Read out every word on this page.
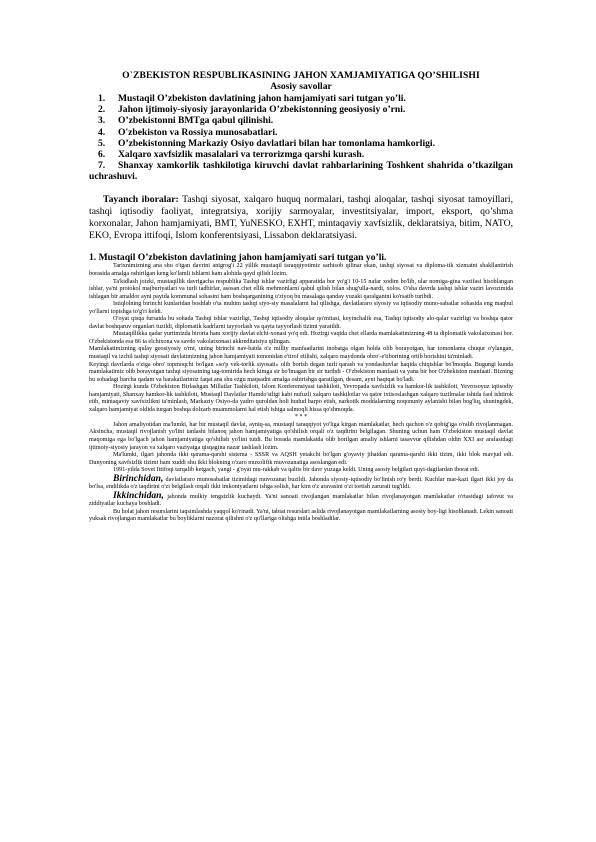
O`ZBEKISTON RESPUBLIKASINING JAHON XAMJAMIYATIGA QO’SHILISHI
Asosiy savollar
1. Mustaqil O’zbekiston davlatining jahon hamjamiyati sari tutgan yo’li.
2. Jahon ijtimoiy-siyosiy jarayonlarida O’zbekistonning geosiyosiy o’rni.
3. O’zbekistonni BMTga qabul qilinishi.
4. O'zbekiston va Rossiya munosabatlari.
5. O’zbekistonning Markaziy Osiyo davlatlari bilan har tomonlama hamkorligi.
6. Xalqaro xavfsizlik masalalari va terrorizmga qarshi kurash.
7. Shanxay xamkorlik tashkilotiga kiruvchi davlat rahbarlarining Toshkent shahrida o’tkazilgan uchrashuvi.

Tayanch iboralar: Tashqi siyosat, xalqaro huquq normalari, tashqi aloqalar, tashqi siyosat tamoyillari, tashqi iqtisodiy faoliyat, integratsiya, xorijiy sarmoyalar, investitsiyalar, import, eksport, qo’shma korxonalar, Jahon hamjamiyati, BMT, YuNESKO, EXHT, mintaqaviy xavfsizlik, deklaratsiya, bitim, NATO, EKO, Evropa ittifoqi, Islom konferentsiyasi, Lissabon deklaratsiyasi.

1. Mustaqil O’zbekiston davlatining jahon hamjamiyati sari tutgan yo’li.

Tarixnimizning ana shu o'tgan davrini anigrog'i 22 yillik mustaqil taraqqiyotimiz sarhisob qilinar ekan, tashqi siyosat va diploma-tik xizmatni shakllantirish borasida amalga oshirilgan keng ko'lamli ishlarni ham alohida qayd qilish lozim.

Ta'kidlash joizki, mustaqillik davrigacha respublika Tashqi ishlar vazirligi apparatida bor yo'g'i 10-15 nafar xodim bo'lib, ular nomiga-gina vazifasi hisoblangan ishlar, ya'ni protokol majburiyatlari va turli tadbirlar, asosan chet ellik mehmonlarni qabul qilish bilan shug'ulla-nardi, xolos. O'sha davrda tashqi ishlar vaziri lavozimida ishlagan bir amaldor ayni paytda kommunal sohasini ham boshqarganining o'ziyoq bu masalaga qanday yuzaki qaralganini ko'rsatib turibdi.

Istiqlolning birinchi kunlaridan boshlab o'ta muhim tashqi siyo-siy masalalarni hal qilishga, davlatlararo siyosiy va iqtisodiy muno-sabatlar sohasida eng maqbul yo'llarni topishga to'g'ri keldi.

O'oyat qisqa fursatda bu sohada Tashqi ishlar vazirligi, Tashqi iqtisodiy aloqalar qo'mitasi, keyinchalik esa, Tashqi iqtisodiy alo-qalar vazirligi va boshqa qator davlat boshqaruv organlari tuzildi, diplomatik kadrlarni tayyorlash va qayta tayyorlash tizimi yaratildi.

Mustaqillikka qadar yurtimizda birorta ham xorijiy davlat elchi-xonasi yo'q edi. Hozirgi vaqtda chet ellarda mamlakatimizning 48 ta diplomatik vakolatxonasi bor. O'zbekistonda esa 86 ta elchixona va savdo vakolatxonasi akkreditatsiya qilingan.

Mamlakatimizning qulay geosiyosiy o'rni, uning birinchi nav-batda o'z milliy manfaatlarini inobatga olgan holda olib borayotgan, har tomonlama chuqur o'ylangan, mustaqil va izchil tashqi siyosati davlatimizning jahon hamjamiyati tomonidan e'tirof etilishi, xalqaro maydonda obro'-e'tiborining ortib borishini ta'minladi.

Keyingi davrlarda o'ziga obro' topmoqchi bo'lgan «so'p vek-torlik siyosati» olib borish degan turli qarash va yondashuvlar haqida chiqishlar bo'lmoqda. Bugungi kunda mamlakatimiz olib borayotgan tashqi siyosatning tag-tomirida hech kimga sir bo'lmagan bir sir turibdi - O'zbekiston manfaati va yana bir bor O'zbekiston manfaati. Bizning bu sohadagi barcha qadam va harakatlarimiz faqat ana shu ezgu maqsadni amalga oshirishga qaratilgan, desam, ayni haqiqat bo'ladi.

Hozirgi kunda O'zbekiston Birlashgan Millatlar Tashkiloti, Islom Konferensiyasi tashkiloti, Yevropada xavfsizlik va hamkor-lik tashkiloti, Yevrosoyuz iqtisodiy hamjamiyati, Shanxay hamkor-lik tashkiloti, Mustaqil Davlatlar Hamdo'stligi kabi nufuzli xalqaro tashkilotlar va qator ixtisoslashgan xalqaro tuzilmalar ishida faol ishtirok etib, mintaqaviy xavfsizlikni ta'minlash, Markaziy Osiyo-da yadro quroldan holi hudud barpo etish, narkotik moddalarning noqonuniy aylanishi bilan bog'liq, shuningdek, xalqaro hamjamiyat oldida turgan boshqa dolzarb muammolarni hal etish ishiga salmoqli hissa qo'shmoqda.

* * *

Jahon amaliyotidan ma'lumki, har bir mustaqil davlat, ayniq-sa, mustaqil taraqqiyot yo'liga kirgan mamlakatlar, hech qachon o'z qobig'iga o'ralib rivojlanmagan. Aksincha, mustaqil rivojlanish yo'lini tanlashi bilanoq jahon hamjamiyatiga qo'shilish orqali o'z taqdirini belgilagan. Shuning uchun ham O'zbekiston mustaqil davlat maqomiga ega bo'lgach jahon hamjamiyatiga qo'shilish yo'lini tutdi. Bu borada mamlakatda olib borilgan amaliy ishlarni tasavvur qilishdan oldin XXI asr arafasidagi ijtimoiy-siyosiy jarayon va xalqaro vaziyatga qisqagina nazar tashlash lozim.

Ma'lumki, ilgari jahonda ikki qarama-qarshi sistema - SSSR va AQSH yetakchi bo'lgan g'oyaviy jihatdan qarama-qarshi ikki tizim, ikki blok mavjud edi. Dunyoning xavfsizlik tizimi ham xuddi shu ikki blokning o'zaro muxolifik muvozanatiga asoslangan edi.

1991-yilda Sovet Ittifoqi tarqalib ketgach, yangi - g'oyat mu-rakkab va qaltis bir davr yuzaga keldi. Uning asosiy belgilari quyi-dagilardan iborat edi.

Birinchidan, davlatlararo munosabatlar tizimidagi muvozanat buzildi. Jahonda siyosiy-iqtisodiy bo'linish ro'y berdi. Kuchlar mar-kazi ilgari ikki joy da bo'lsa, endilikda o'z taqdirini o'zi belgilash orqali ikki imkoniyatlarni ishga solish, har kim o'z aravasini o'zi tortish zarurati tug'ildi.

Ikkinchidan, jahonda mulkiy tengsizlik kuchaydi. Ya'ni sanoati rivojlangan mamlakatlar bilan rivojlanayotgan mamlakatlar o'rtasidagi tafovut va ziddiyatlar kuchaya boshladi.

Bu holat jahon resurslarini taqsimlashda yaqqol ko'rinadi. Ya'ni, tabiat resurslari aslida rivojlanayotgan mamlakatlarning asosiy boy-ligi hisoblanadi. Lekin sanoati yuksak rivojlangan mamlakatlar bu boyliklarni nazorat qilishni o'z qo'llariga olishga intila boshladilar.
